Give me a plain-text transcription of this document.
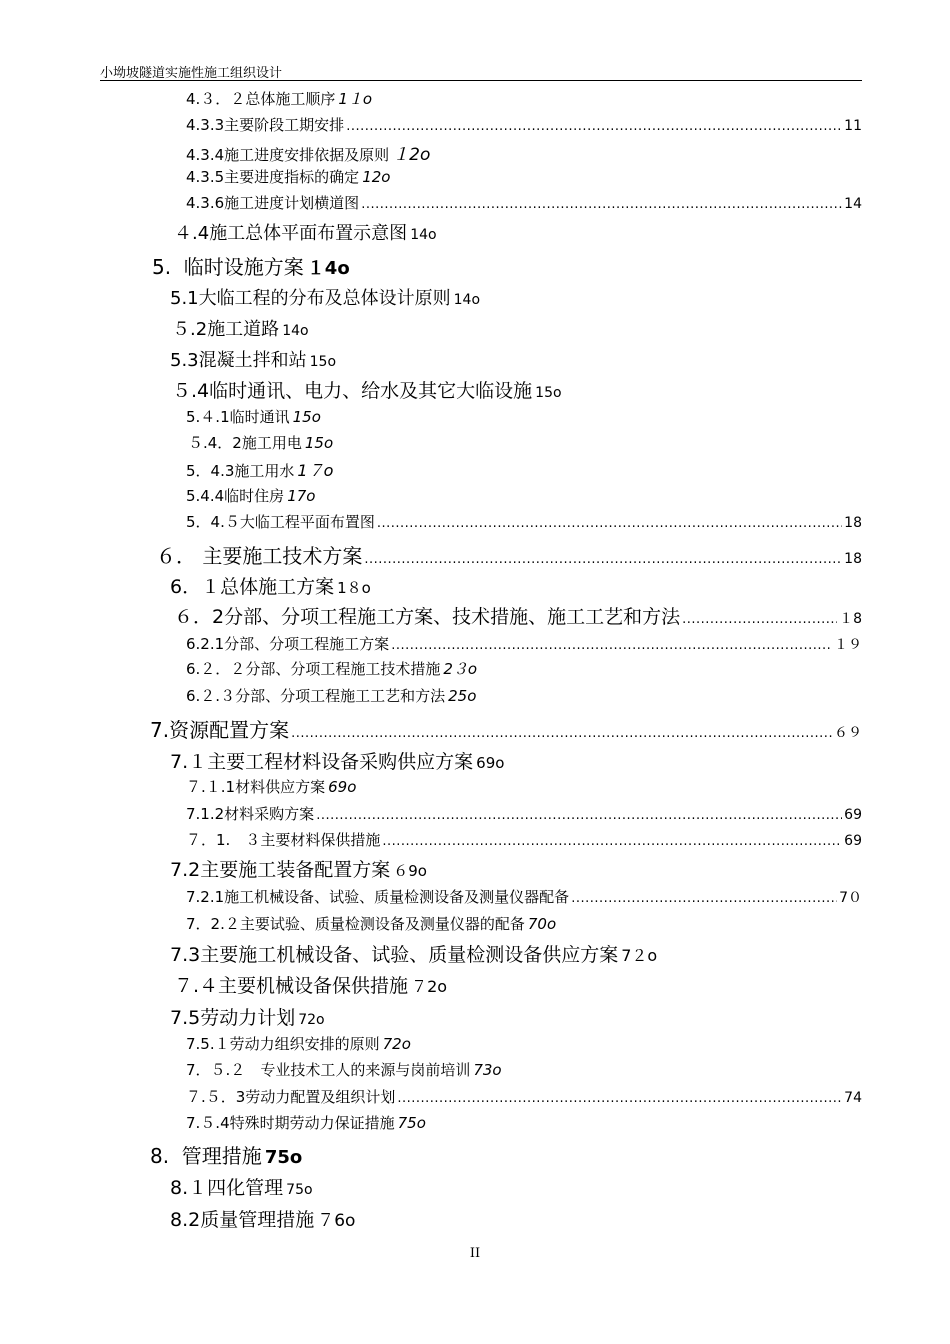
小坳坡隧道实施性施工组织设计
4.３．２ 总体施工顺序 1１o
4.3.3 主要阶段工期安排 .....	11
4.3.4 施工进度安排依据及原则 １2o
4.3.5 主要进度指标的确定 12o
4.3.6 施工进度计划横道图 .....	14
４.4 施工总体平面布置示意图 14o
5. 临时设施方案 １4o
5.1 大临工程的分布及总体设计原则 14o
５.2 施工道路 14o
5.3 混凝土拌和站 15o
５.4 临时通讯、电力、给水及其它大临设施 15o
5.４.1 临时通讯 15o
５.4．2 施工用电 15o
5．4.3 施工用水 1７o
5.4.4 临时住房 17o
5．4.５ 大临工程平面布置图 .....	18
６． 主要施工技术方案 .....	18
6．１ 总体施工方案 1８o
６．2 分部、分项工程施工方案、技术措施、施工工艺和方法 .....	１8
6.2.1 分部、分项工程施工方案 .....	１９
6.２．２ 分部、分项工程施工技术措施 2３o
6.２.３ 分部、分项工程施工工艺和方法 25o
7. 资源配置方案 .....	６９
7.１ 主要工程材料设备采购供应方案 69o
７.１.1 材料供应方案 69o
7.1.2 材料采购方案 .....	69
７．1.　３ 主要材料保供措施 .....	69
7.2 主要施工装备配置方案 ６9o
7.2.1 施工机械设备、试验、质量检测设备及测量仪器配备 .....	7０
7．2.２ 主要试验、质量检测设备及测量仪器的配备 70o
7.3 主要施工机械设备、试验、质量检测设备供应方案 7２o
７.４ 主要机械设备保供措施 ７2o
7.5 劳动力计划 72o
7.5.１ 劳动力组织安排的原则 72o
7．５.２ 　专业技术工人的来源与岗前培训 73o
７.５． 3劳动力配置及组织计划 .....	74
7.５.4 特殊时期劳动力保证措施 75o
8. 管理措施 75o
8.１ 四化管理 75o
8.2 质量管理措施 ７6o
II
